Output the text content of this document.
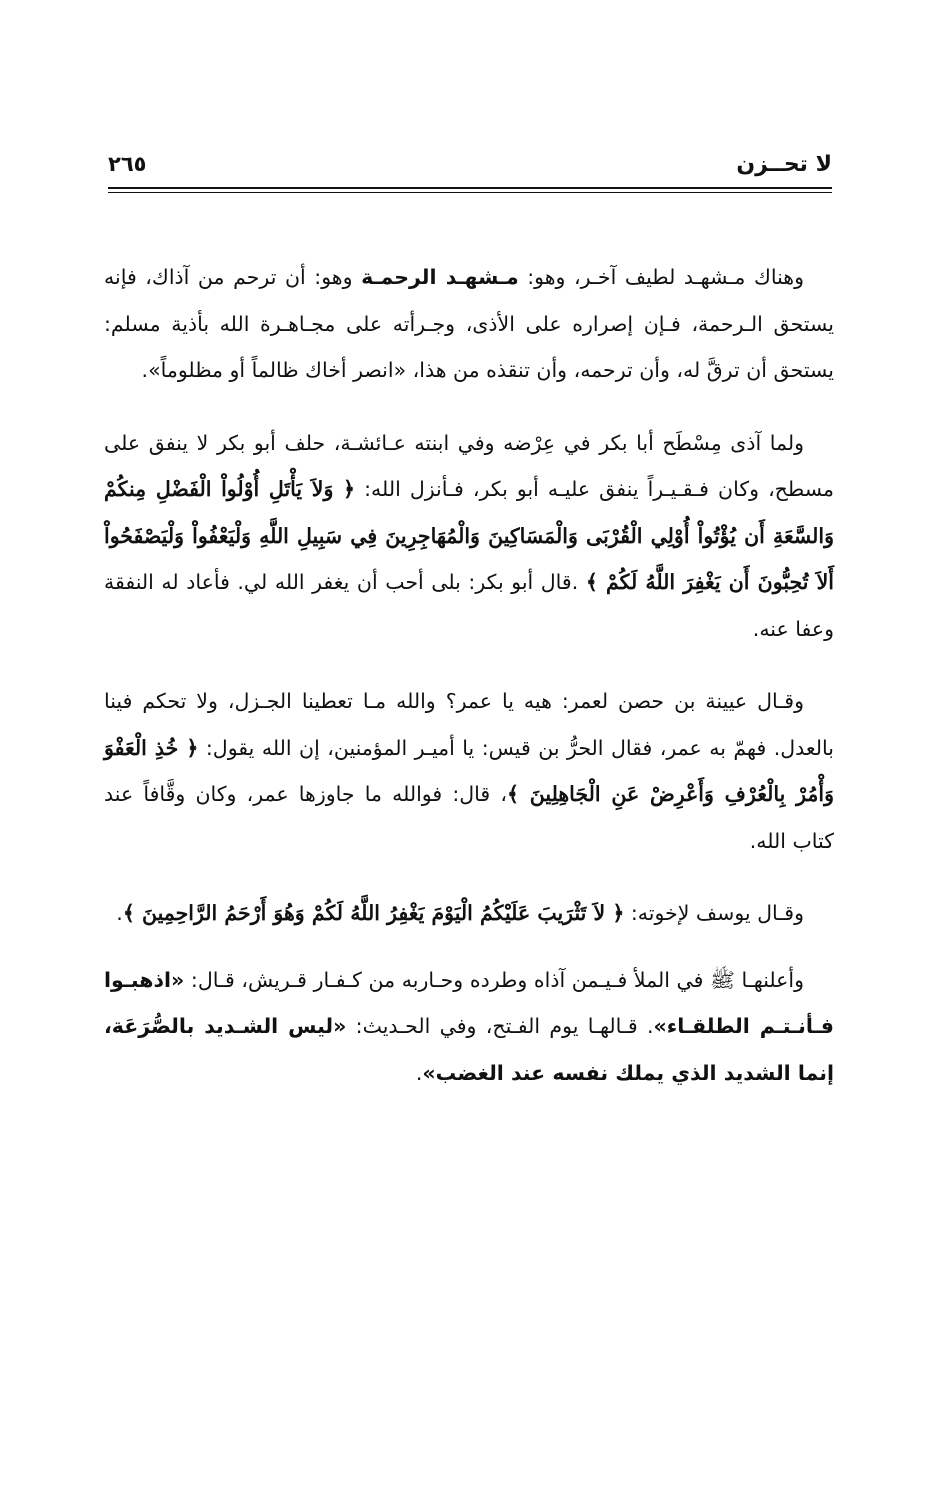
لا تحــزن
٢٦٥

وهناك مـشهـد لطيف آخـر، وهو: مـشهـد الرحمـة وهو: أن ترحم من آذاك، فإنه يستحق الـرحمة، فـإن إصراره على الأذى، وجـرأته على مجـاهـرة الله بأذية مسلم: يستحق أن ترقَّ له، وأن ترحمه، وأن تنقذه من هذا، «انصر أخاك ظالماً أو مظلوماً».

ولما آذى مِسْطَح أبا بكر في عِرْضه وفي ابنته عـائشـة، حلف أبو بكر لا ينفق على مسطح، وكان فـقـيـراً ينفق عليـه أبو بكر، فـأنزل الله: ﴿ وَلاَ يَأْتَلِ أُوْلُواْ الْفَضْلِ مِنكُمْ وَالسَّعَةِ أَن يُؤْتُواْ أُوْلِي الْقُرْبَى وَالْمَسَاكِينَ وَالْمُهَاجِرِينَ فِي سَبِيلِ اللَّهِ وَلْيَعْفُواْ وَلْيَصْفَحُواْ أَلاَ تُحِبُّونَ أَن يَغْفِرَ اللَّهُ لَكُمْ ﴾ .قال أبو بكر: بلى أحب أن يغفر الله لي. فأعاد له النفقة وعفا عنه.

وقـال عيينة بن حصن لعمر: هيه يا عمر؟ والله مـا تعطينا الجـزل، ولا تحكم فينا بالعدل. فهمّ به عمر، فقال الحرُّ بن قيس: يا أميـر المؤمنين، إن الله يقول: ﴿ خُذِ الْعَفْوَ وَأْمُرْ بِالْعُرْفِ وَأَعْرِضْ عَنِ الْجَاهِلِينَ ﴾، قال: فوالله ما جاوزها عمر، وكان وقَّافاً عند كتاب الله.

وقـال يوسف لإخوته: ﴿ لاَ تَثْرَيبَ عَلَيْكُمُ الْيَوْمَ يَغْفِرُ اللَّهُ لَكُمْ وَهُوَ أَرْحَمُ الرَّاحِمِينَ ﴾.

وأعلنهـا ﷺ في الملأ فـيـمن آذاه وطرده وحـاربه من كـفـار قـريش، قـال: «اذهبـوا فـأنـتـم الطلقـاء». قـالهـا يوم الفـتح، وفي الحـديث: «ليس الشـديد بالصُّرَعَة، إنما الشديد الذي يملك نفسه عند الغضب».
